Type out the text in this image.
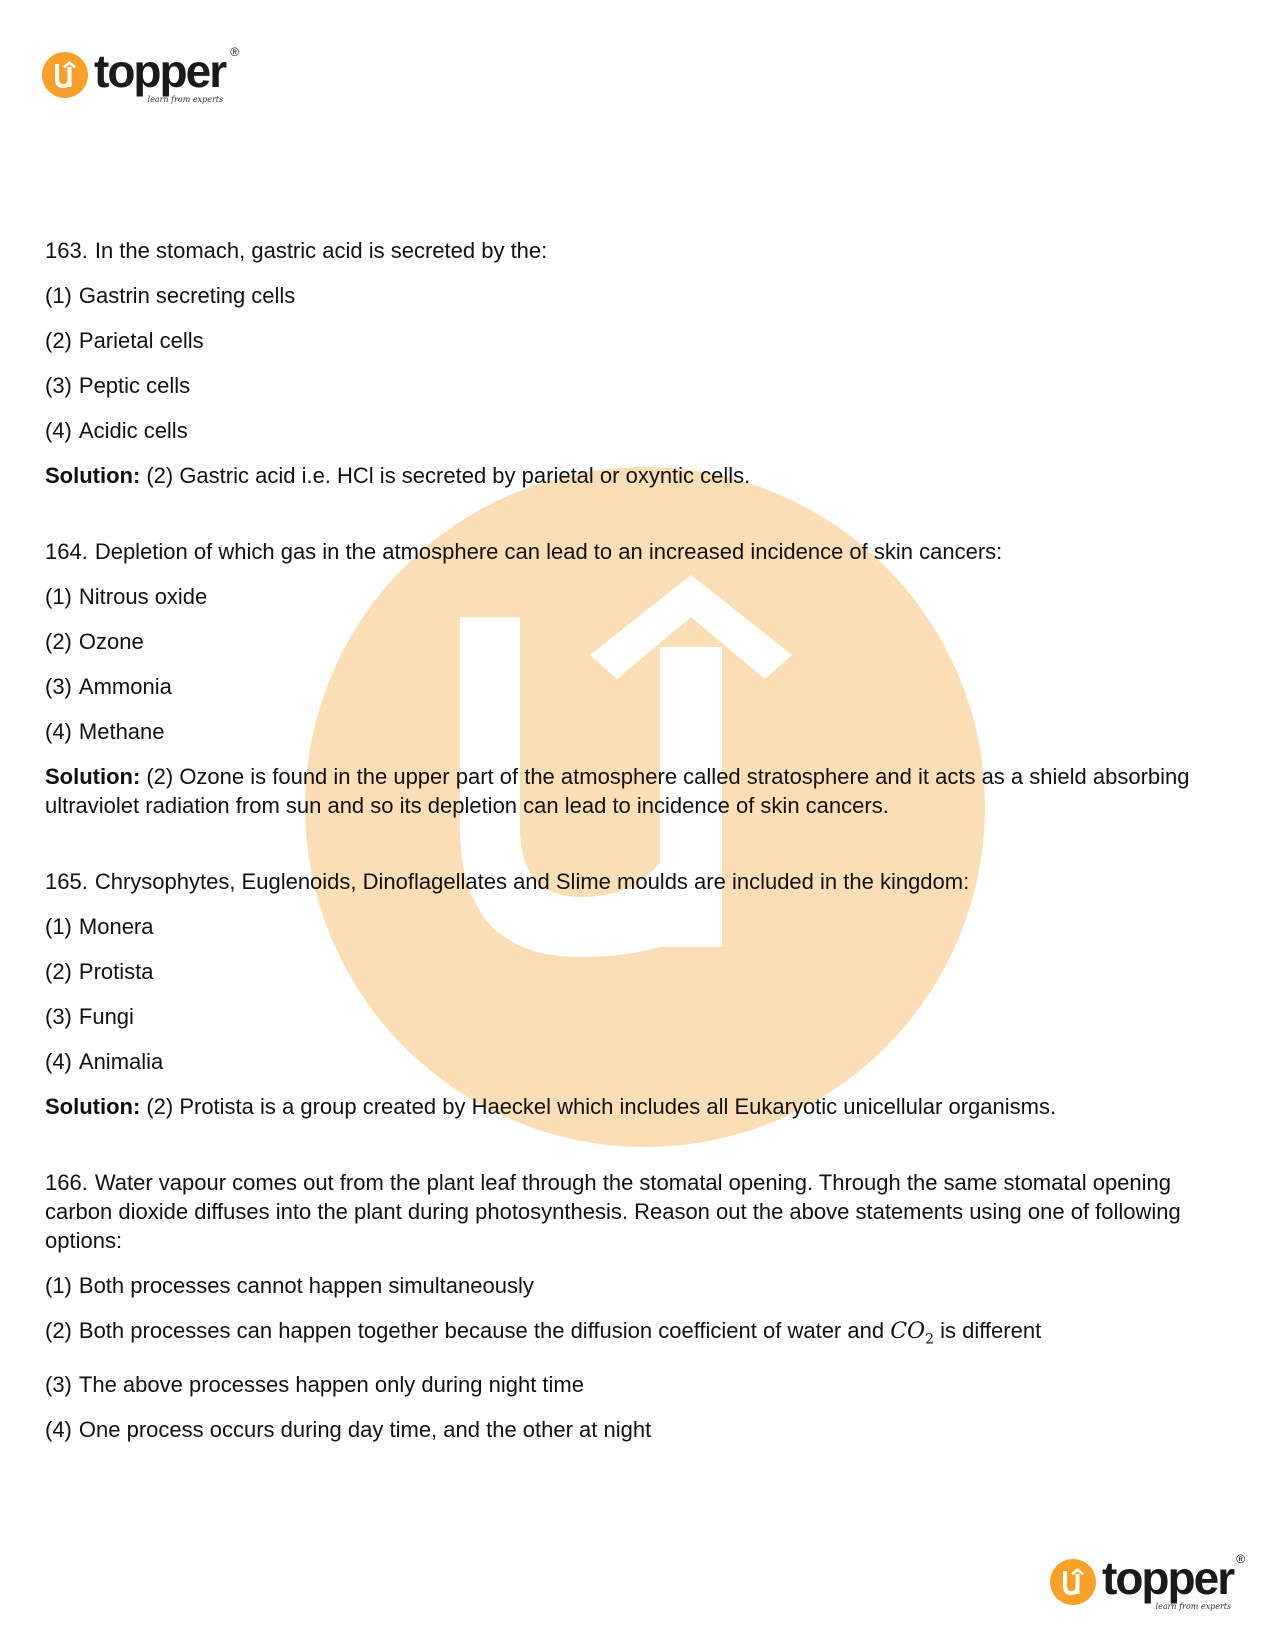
topper ®
learn from experts

163. In the stomach, gastric acid is secreted by the:

(1) Gastrin secreting cells

(2) Parietal cells

(3) Peptic cells

(4) Acidic cells

Solution: (2) Gastric acid i.e. HCl is secreted by parietal or oxyntic cells.

164. Depletion of which gas in the atmosphere can lead to an increased incidence of skin cancers:

(1) Nitrous oxide

(2) Ozone

(3) Ammonia

(4) Methane

Solution: (2) Ozone is found in the upper part of the atmosphere called stratosphere and it acts as a shield absorbing ultraviolet radiation from sun and so its depletion can lead to incidence of skin cancers.

165. Chrysophytes, Euglenoids, Dinoflagellates and Slime moulds are included in the kingdom:

(1) Monera

(2) Protista

(3) Fungi

(4) Animalia

Solution: (2) Protista is a group created by Haeckel which includes all Eukaryotic unicellular organisms.

166. Water vapour comes out from the plant leaf through the stomatal opening. Through the same stomatal opening carbon dioxide diffuses into the plant during photosynthesis. Reason out the above statements using one of following options:

(1) Both processes cannot happen simultaneously

(2) Both processes can happen together because the diffusion coefficient of water and $CO_2$ is different

(3) The above processes happen only during night time

(4) One process occurs during day time, and the other at night

topper ®
learn from experts
